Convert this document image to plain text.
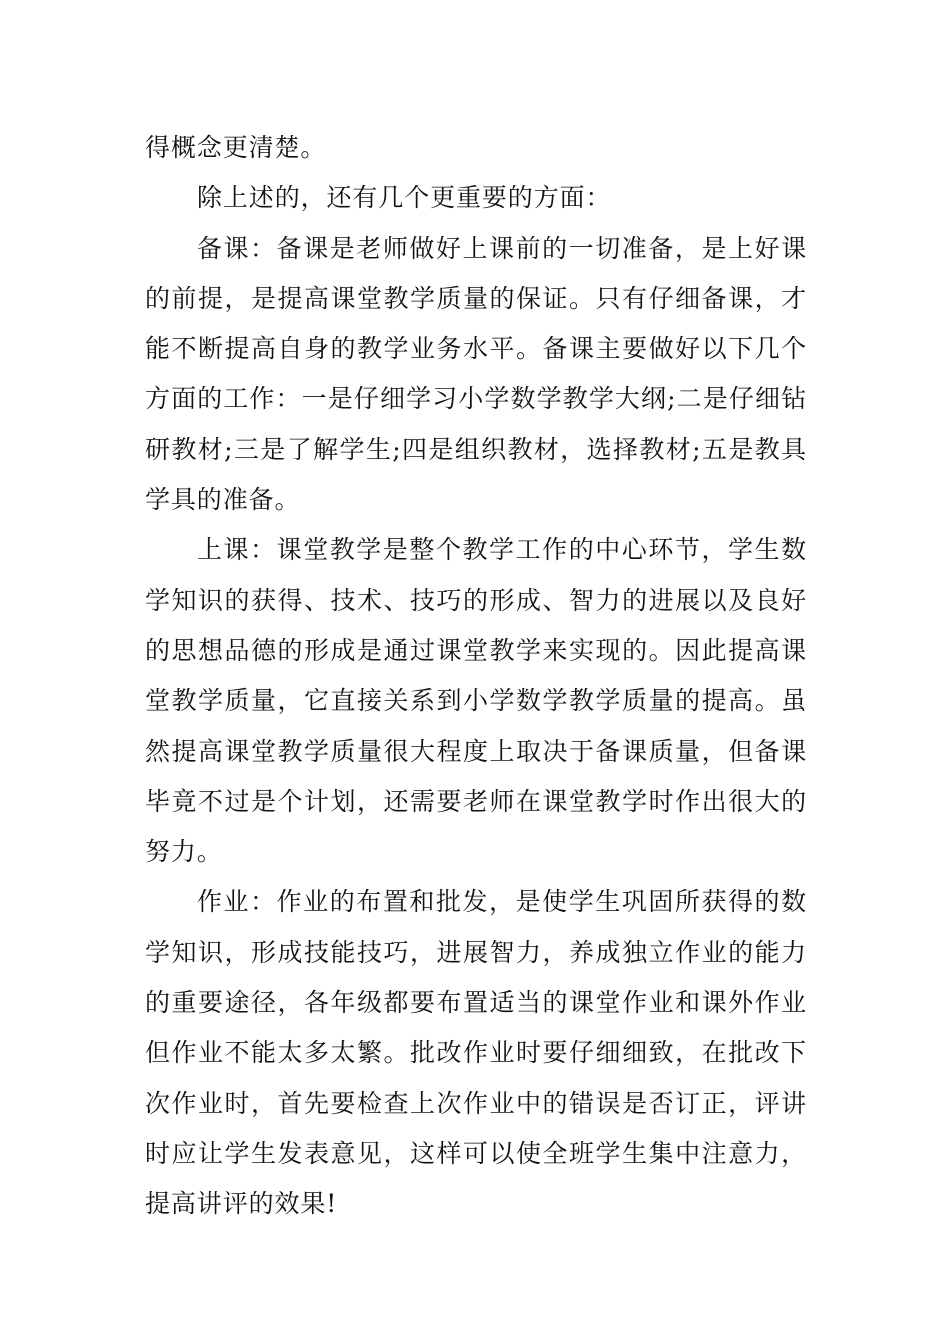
得概念更清楚。

除上述的，还有几个更重要的方面：

备课：备课是老师做好上课前的一切准备，是上好课的前提，是提高课堂教学质量的保证。只有仔细备课，才能不断提高自身的教学业务水平。备课主要做好以下几个方面的工作：一是仔细学习小学数学教学大纲;二是仔细钻研教材;三是了解学生;四是组织教材，选择教材;五是教具学具的准备。

上课：课堂教学是整个教学工作的中心环节，学生数学知识的获得、技术、技巧的形成、智力的进展以及良好的思想品德的形成是通过课堂教学来实现的。因此提高课堂教学质量，它直接关系到小学数学教学质量的提高。虽然提高课堂教学质量很大程度上取决于备课质量，但备课毕竟不过是个计划，还需要老师在课堂教学时作出很大的努力。

作业：作业的布置和批发，是使学生巩固所获得的数学知识，形成技能技巧，进展智力，养成独立作业的能力的重要途径，各年级都要布置适当的课堂作业和课外作业但作业不能太多太繁。批改作业时要仔细细致，在批改下次作业时，首先要检查上次作业中的错误是否订正，评讲时应让学生发表意见，这样可以使全班学生集中注意力，提高讲评的效果!
